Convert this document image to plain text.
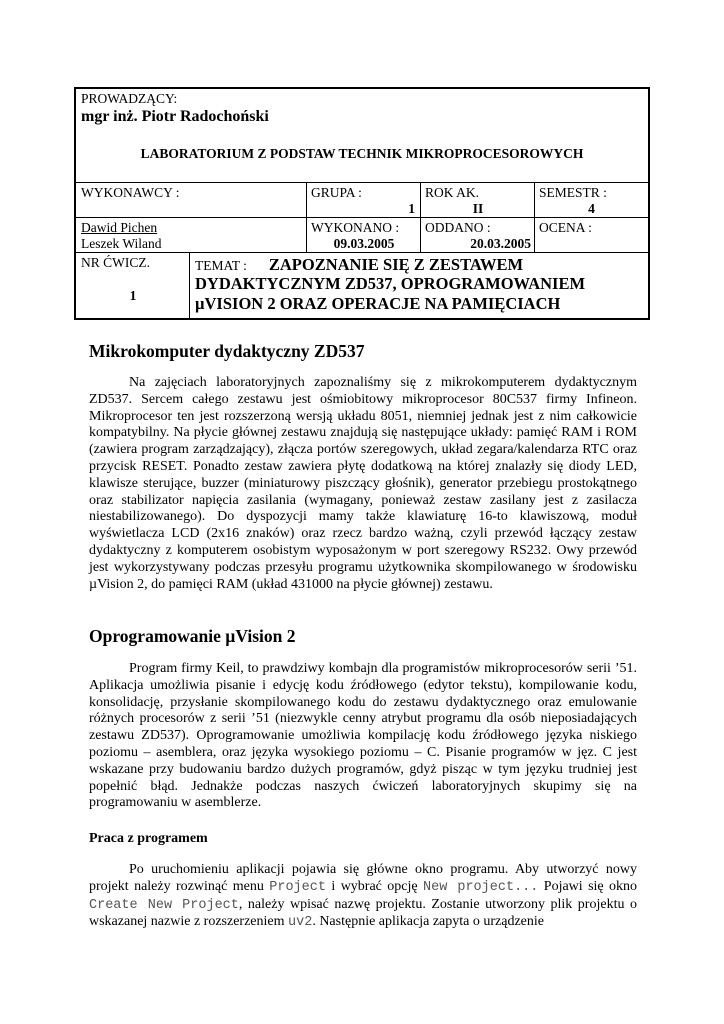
PROWADZĄCY:
mgr inż. Piotr Radochoński
LABORATORIUM Z PODSTAW TECHNIK MIKROPROCESOROWYCH
WYKONAWCY :	GRUPA :
1
ROK AK.
II
SEMESTR :
4
Dawid Pichen
Leszek Wiland
WYKONANO :
09.03.2005
ODDANO :
20.03.2005
OCENA :
NR ĆWICZ.
1
TEMAT : ZAPOZNANIE SIĘ Z ZESTAWEM
DYDAKTYCZNYM ZD537, OPROGRAMOWANIEM
µVISION 2 ORAZ OPERACJE NA PAMIĘCIACH
Mikrokomputer dydaktyczny ZD537

Na zajęciach laboratoryjnych zapoznaliśmy się z mikrokomputerem dydaktycznym ZD537. Sercem całego zestawu jest ośmiobitowy mikroprocesor 80C537 firmy Infineon. Mikroprocesor ten jest rozszerzoną wersją układu 8051, niemniej jednak jest z nim całkowicie kompatybilny. Na płycie głównej zestawu znajdują się następujące układy: pamięć RAM i ROM (zawiera program zarządzający), złącza portów szeregowych, układ zegara/kalendarza RTC oraz przycisk RESET. Ponadto zestaw zawiera płytę dodatkową na której znalazły się diody LED, klawisze sterujące, buzzer (miniaturowy piszczący głośnik), generator przebiegu prostokątnego oraz stabilizator napięcia zasilania (wymagany, ponieważ zestaw zasilany jest z zasilacza niestabilizowanego). Do dyspozycji mamy także klawiaturę 16-to klawiszową, moduł wyświetlacza LCD (2x16 znaków) oraz rzecz bardzo ważną, czyli przewód łączący zestaw dydaktyczny z komputerem osobistym wyposażonym w port szeregowy RS232. Owy przewód jest wykorzystywany podczas przesyłu programu użytkownika skompilowanego w środowisku µVision 2, do pamięci RAM (układ 431000 na płycie głównej) zestawu.

Oprogramowanie µVision 2

Program firmy Keil, to prawdziwy kombajn dla programistów mikroprocesorów serii ’51. Aplikacja umożliwia pisanie i edycję kodu źródłowego (edytor tekstu), kompilowanie kodu, konsolidację, przysłanie skompilowanego kodu do zestawu dydaktycznego oraz emulowanie różnych procesorów z serii ’51 (niezwykle cenny atrybut programu dla osób nieposiadających zestawu ZD537). Oprogramowanie umożliwia kompilację kodu źródłowego języka niskiego poziomu – asemblera, oraz języka wysokiego poziomu – C. Pisanie programów w jęz. C jest wskazane przy budowaniu bardzo dużych programów, gdyż pisząc w tym języku trudniej jest popełnić błąd. Jednakże podczas naszych ćwiczeń laboratoryjnych skupimy się na programowaniu w asemblerze.

Praca z programem

Po uruchomieniu aplikacji pojawia się główne okno programu. Aby utworzyć nowy projekt należy rozwinąć menu Project i wybrać opcję New project... Pojawi się okno Create New Project, należy wpisać nazwę projektu. Zostanie utworzony plik projektu o wskazanej nazwie z rozszerzeniem uv2. Następnie aplikacja zapyta o urządzenie
